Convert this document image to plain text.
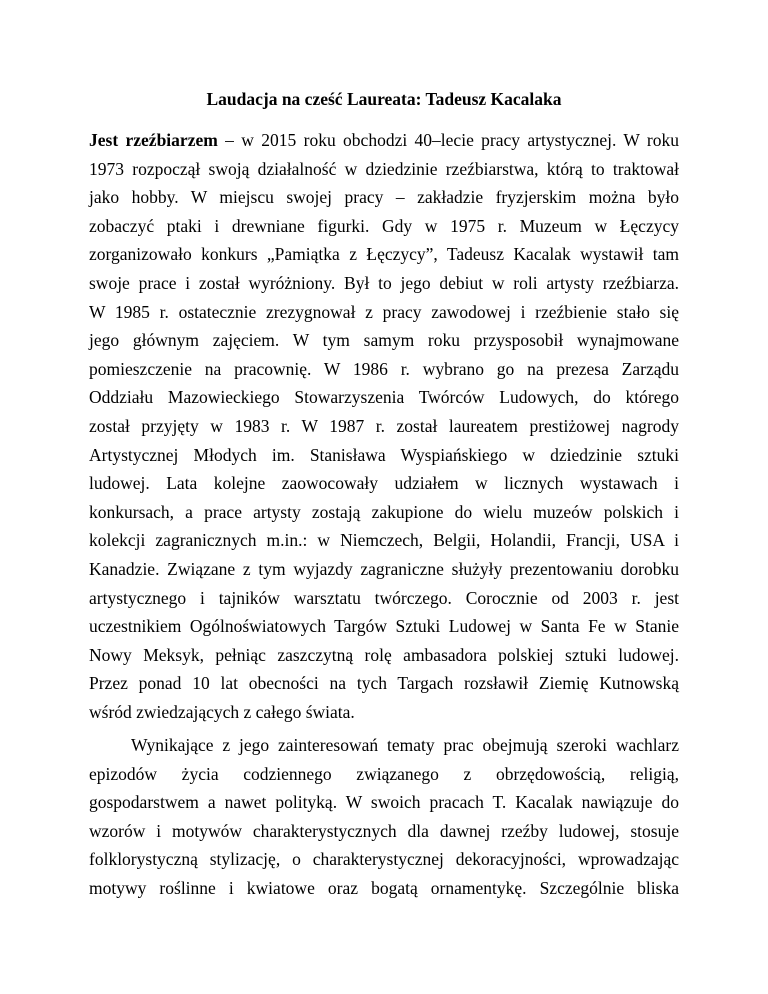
Laudacja na cześć Laureata: Tadeusz Kacalaka
Jest rzeźbiarzem – w 2015 roku obchodzi 40–lecie pracy artystycznej. W roku
1973 rozpoczął swoją działalność w dziedzinie rzeźbiarstwa, którą to traktował
jako hobby. W miejscu swojej pracy – zakładzie fryzjerskim można było
zobaczyć ptaki i drewniane figurki. Gdy w 1975 r. Muzeum w Łęczycy
zorganizowało konkurs „Pamiątka z Łęczycy”, Tadeusz Kacalak wystawił tam
swoje prace i został wyróżniony. Był to jego debiut w roli artysty rzeźbiarza.
W 1985 r. ostatecznie zrezygnował z pracy zawodowej i rzeźbienie stało się
jego głównym zajęciem. W tym samym roku przysposobił wynajmowane
pomieszczenie na pracownię. W 1986 r. wybrano go na prezesa Zarządu
Oddziału Mazowieckiego Stowarzyszenia Twórców Ludowych, do którego
został przyjęty w 1983 r. W 1987 r. został laureatem prestiżowej nagrody
Artystycznej Młodych im. Stanisława Wyspiańskiego w dziedzinie sztuki
ludowej. Lata kolejne zaowocowały udziałem w licznych wystawach i
konkursach, a prace artysty zostają zakupione do wielu muzeów polskich i
kolekcji zagranicznych m.in.: w Niemczech, Belgii, Holandii, Francji, USA i
Kanadzie. Związane z tym wyjazdy zagraniczne służyły prezentowaniu dorobku
artystycznego i tajników warsztatu twórczego. Corocznie od 2003 r. jest
uczestnikiem Ogólnoświatowych Targów Sztuki Ludowej w Santa Fe w Stanie
Nowy Meksyk, pełniąc zaszczytną rolę ambasadora polskiej sztuki ludowej.
Przez ponad 10 lat obecności na tych Targach rozsławił Ziemię Kutnowską
wśród zwiedzających z całego świata.
Wynikające z jego zainteresowań tematy prac obejmują szeroki wachlarz
epizodów życia codziennego związanego z obrzędowością, religią,
gospodarstwem a nawet polityką. W swoich pracach T. Kacalak nawiązuje do
wzorów i motywów charakterystycznych dla dawnej rzeźby ludowej, stosuje
folklorystyczną stylizację, o charakterystycznej dekoracyjności, wprowadzając
motywy roślinne i kwiatowe oraz bogatą ornamentykę. Szczególnie bliska
